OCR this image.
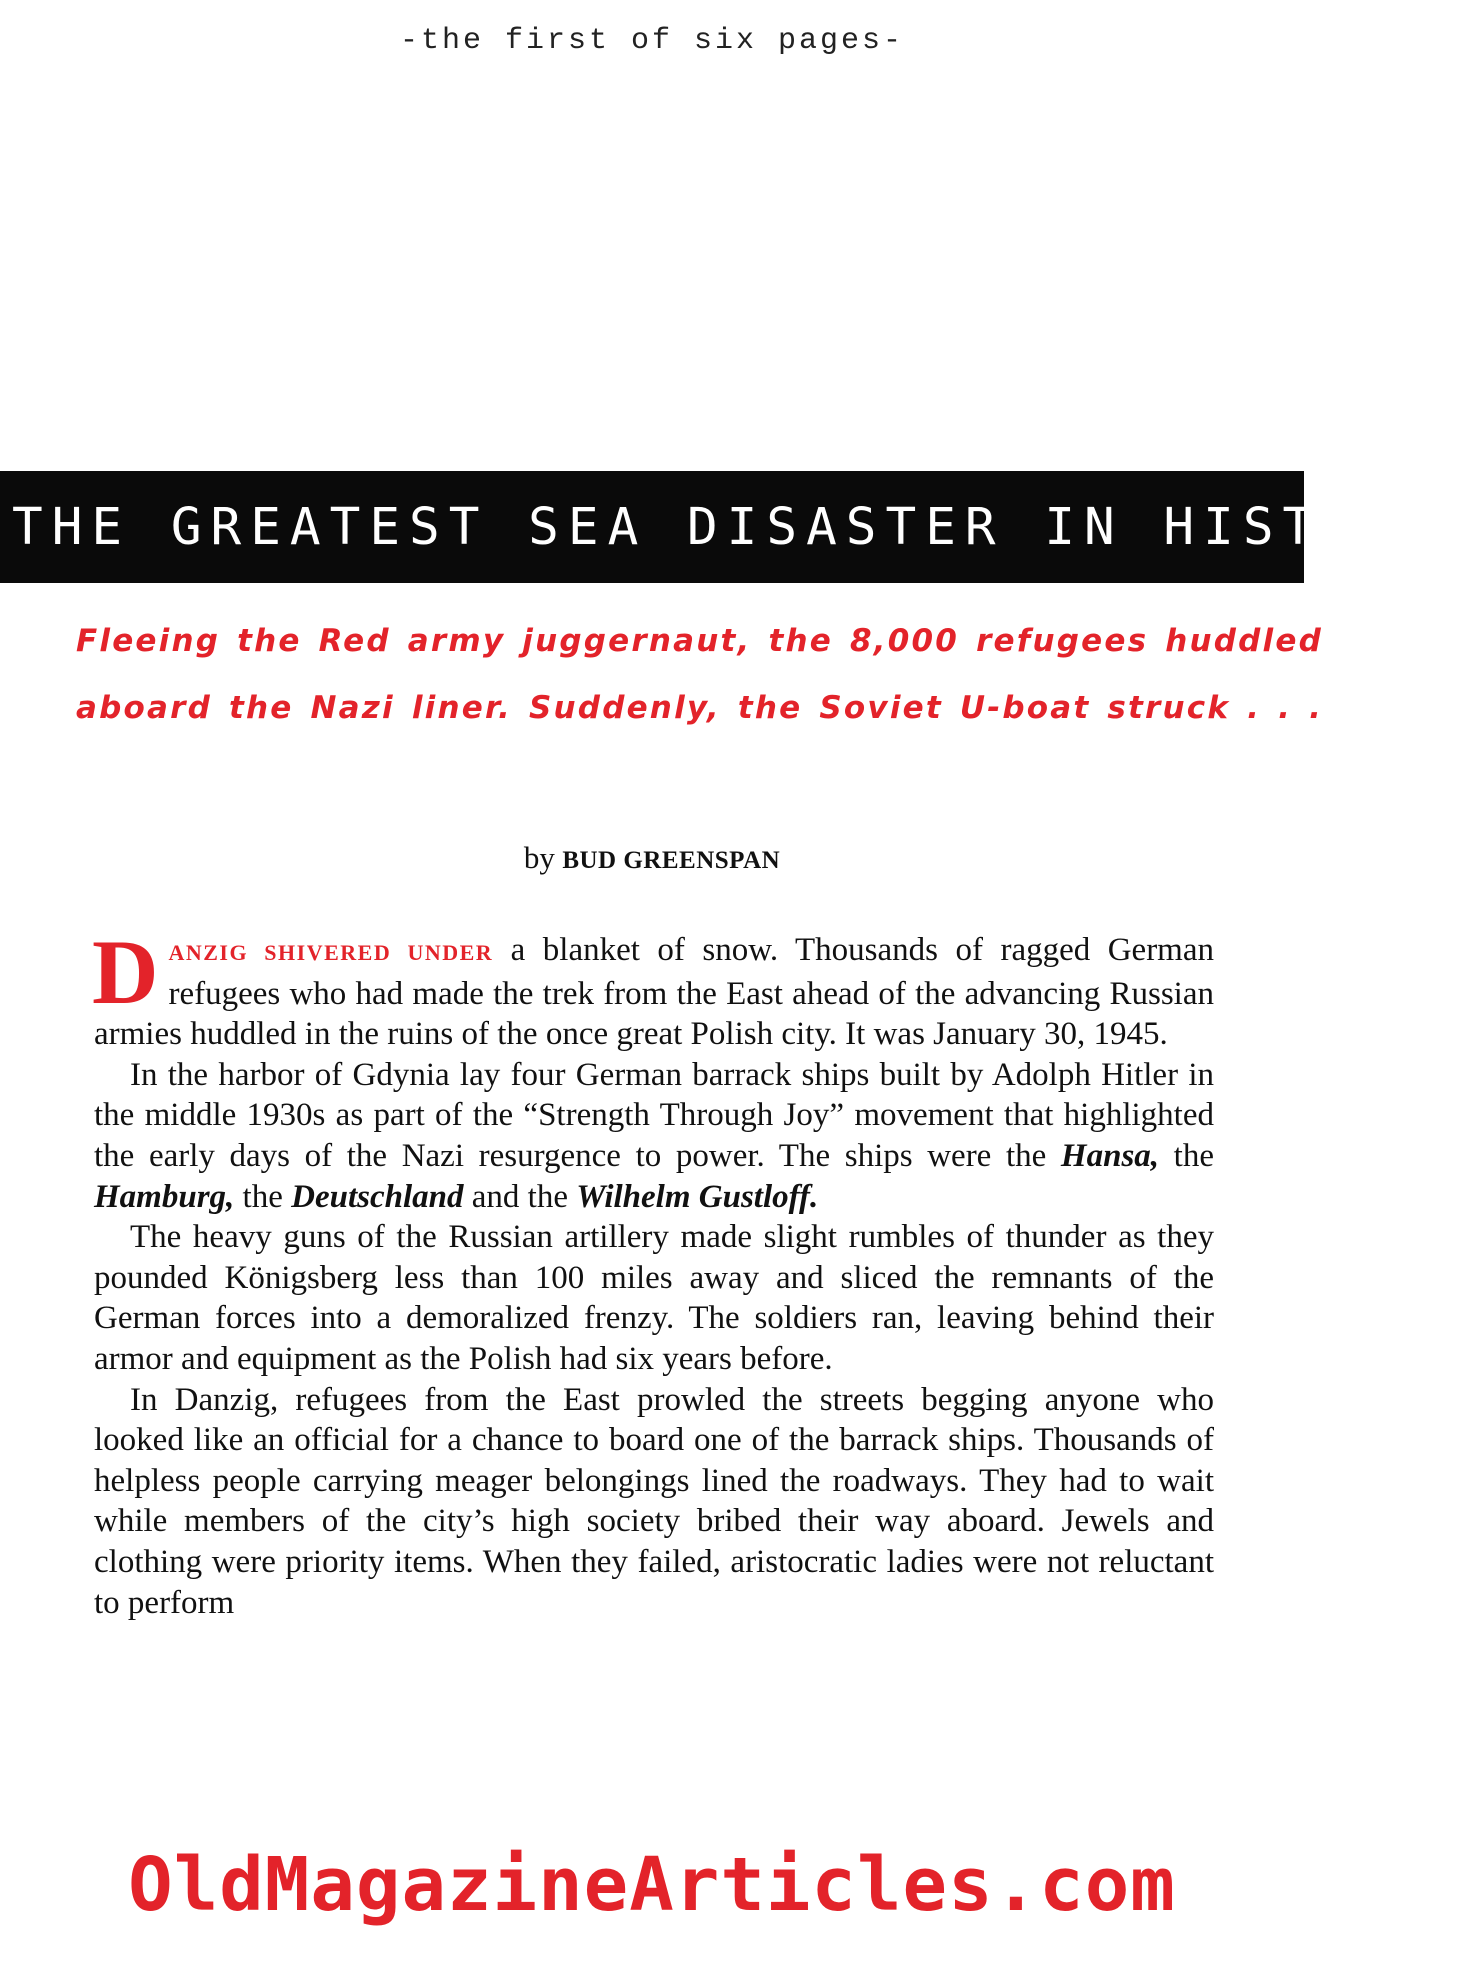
-the first of six pages-
THE GREATEST SEA DISASTER IN HISTORYY
Fleeing the Red army juggernaut, the 8,000 refugees huddled
aboard the Nazi liner. Suddenly, the Soviet U-boat struck . . .
by BUD GREENSPAN

DANZIG SHIVERED UNDER a blanket of snow. Thousands of ragged German refugees who had made the trek from the East ahead of the advancing Russian armies huddled in the ruins of the once great Polish city. It was January 30, 1945.

In the harbor of Gdynia lay four German barrack ships built by Adolph Hitler in the middle 1930s as part of the “Strength Through Joy” movement that highlighted the early days of the Nazi resurgence to power. The ships were the Hansa, the Hamburg, the Deutschland and the Wilhelm Gustloff.

The heavy guns of the Russian artillery made slight rumbles of thunder as they pounded Königsberg less than 100 miles away and sliced the remnants of the German forces into a demoralized frenzy. The soldiers ran, leaving behind their armor and equipment as the Polish had six years before.

In Danzig, refugees from the East prowled the streets begging anyone who looked like an official for a chance to board one of the barrack ships. Thousands of helpless people carrying meager belongings lined the roadways. They had to wait while members of the city’s high society bribed their way aboard. Jewels and clothing were priority items. When they failed, aristocratic ladies were not reluctant to perform

OldMagazineArticles.com
